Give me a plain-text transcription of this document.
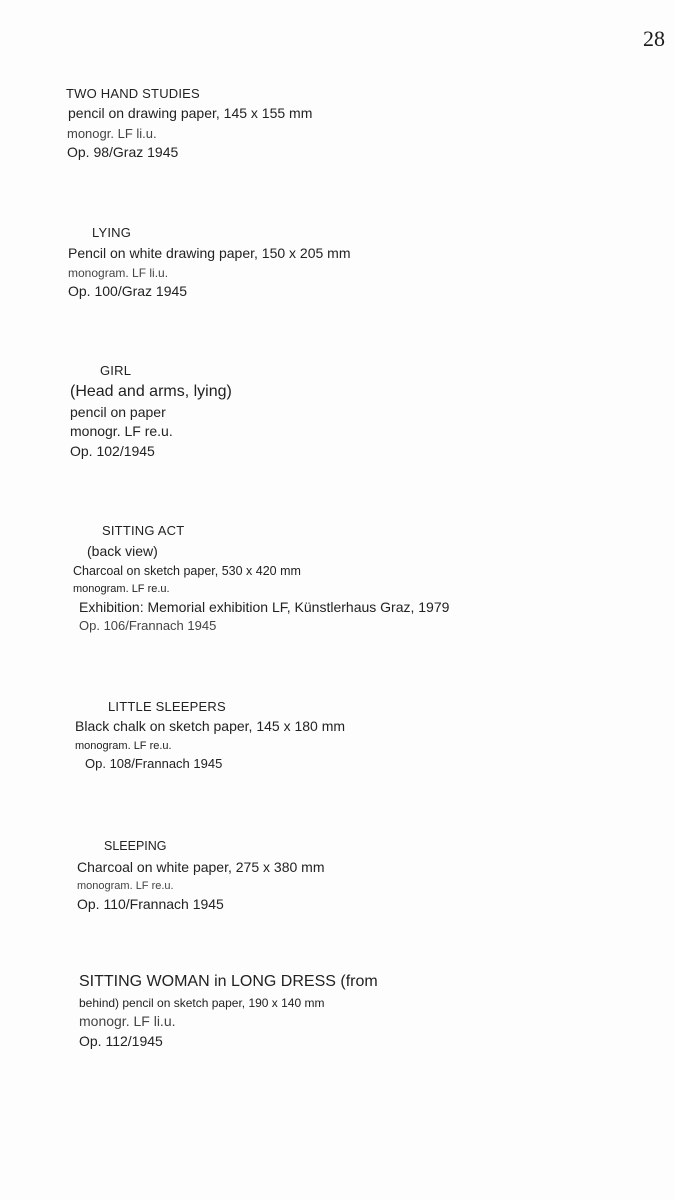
28
TWO HAND STUDIES
pencil on drawing paper, 145 x 155 mm
monogr. LF li.u.
Op. 98/Graz 1945
LYING
Pencil on white drawing paper, 150 x 205 mm
monogram. LF li.u.
Op. 100/Graz 1945
GIRL
(Head and arms, lying)
pencil on paper
monogr. LF re.u.
Op. 102/1945
SITTING ACT
(back view)
Charcoal on sketch paper, 530 x 420 mm
monogram. LF re.u.
Exhibition: Memorial exhibition LF, Künstlerhaus Graz, 1979
Op. 106/Frannach 1945
LITTLE SLEEPERS
Black chalk on sketch paper, 145 x 180 mm
monogram. LF re.u.
Op. 108/Frannach 1945
SLEEPING
Charcoal on white paper, 275 x 380 mm
monogram. LF re.u.
Op. 110/Frannach 1945
SITTING WOMAN in LONG DRESS (from
behind) pencil on sketch paper, 190 x 140 mm
monogr. LF li.u.
Op. 112/1945
